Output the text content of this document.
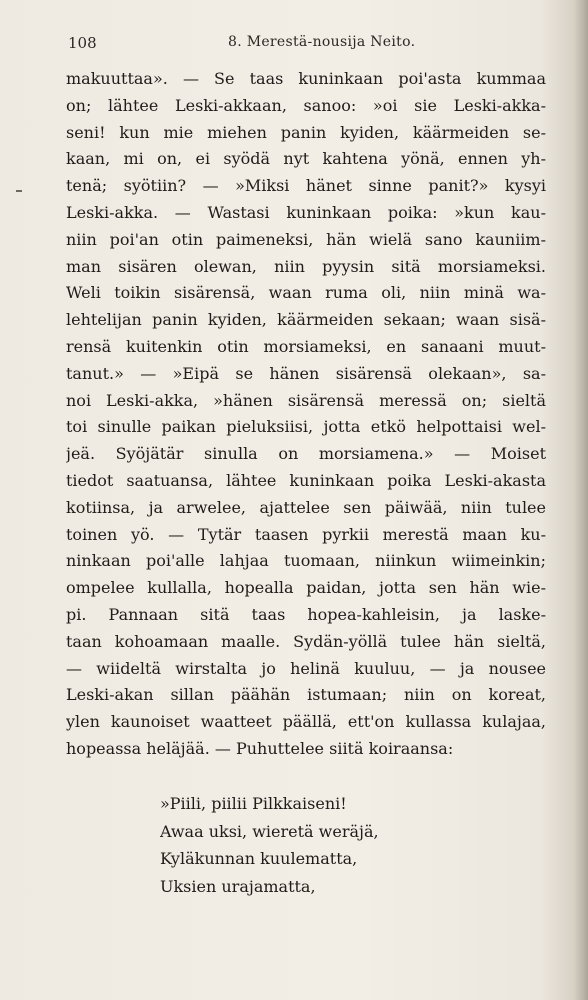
108	8. Merestä-nousija Neito.
makuuttaa». — Se taas kuninkaan poi'asta kummaa
on; lähtee Leski-akkaan, sanoo: »oi sie Leski-akka-
seni! kun mie miehen panin kyiden, käärmeiden se-
kaan, mi on, ei syödä nyt kahtena yönä, ennen yh-
tenä; syötiin? — »Miksi hänet sinne panit?» kysyi
Leski-akka. — Wastasi kuninkaan poika: »kun kau-
niin poi'an otin paimeneksi, hän wielä sano kauniim-
man sisären olewan, niin pyysin sitä morsiameksi.
Weli toikin sisärensä, waan ruma oli, niin minä wa-
lehtelijan panin kyiden, käärmeiden sekaan; waan sisä-
rensä kuitenkin otin morsiameksi, en sanaani muut-
tanut.» — »Eipä se hänen sisärensä olekaan», sa-
noi Leski-akka, »hänen sisärensä meressä on; sieltä
toi sinulle paikan pieluksiisi, jotta etkö helpottaisi wel-
jeä. Syöjätär sinulla on morsiamena.» — Moiset
tiedot saatuansa, lähtee kuninkaan poika Leski-akasta
kotiinsa, ja arwelee, ajattelee sen päiwää, niin tulee
toinen yö. — Tytär taasen pyrkii merestä maan ku-
ninkaan poi'alle lahjaa tuomaan, niinkun wiimeinkin;
ompelee kullalla, hopealla paidan, jotta sen hän wie-
pi. Pannaan sitä taas hopea-kahleisin, ja laske-
taan kohoamaan maalle. Sydän-yöllä tulee hän sieltä,
— wiideltä wirstalta jo helinä kuuluu, — ja nousee
Leski-akan sillan päähän istumaan; niin on koreat,
ylen kaunoiset waatteet päällä, ett'on kullassa kulajaa,
hopeassa heläjää. — Puhuttelee siitä koiraansa:
»Piili, piilii Pilkkaiseni!
Awaa uksi, wieretä weräjä,
Kyläkunnan kuulematta,
Uksien urajamatta,
